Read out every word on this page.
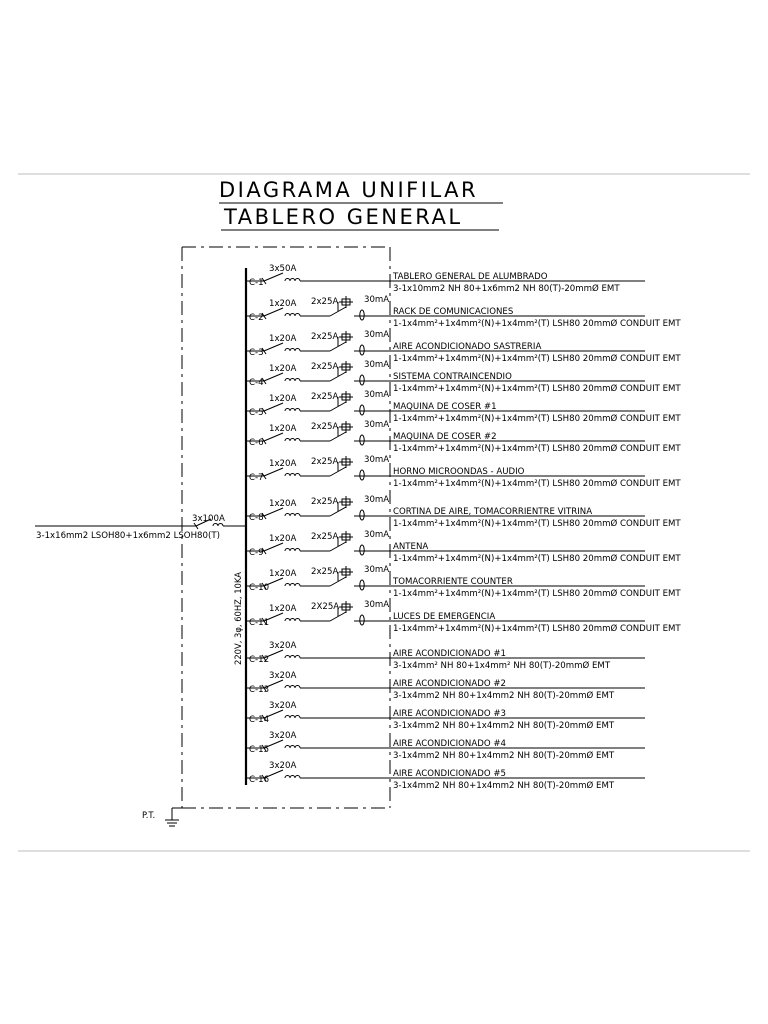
DIAGRAMA UNIFILAR
TABLERO GENERAL
220V, 3φ, 60HZ, 10KA
3-1x16mm2 LSOH80+1x6mm2 LSOH80(T)
3x100A
P.T.
C-1
3x50A
TABLERO GENERAL DE ALUMBRADO
3-1x10mm2 NH 80+1x6mm2 NH 80(T)-20mmØ EMT
C-2
1x20A 2x25A	30mA
RACK DE COMUNICACIONES
1-1x4mm²+1x4mm²(N)+1x4mm²(T) LSH80 20mmØ CONDUIT EMT
C-3
1x20A 2x25A	30mA
AIRE ACONDICIONADO SASTRERIA
1-1x4mm²+1x4mm²(N)+1x4mm²(T) LSH80 20mmØ CONDUIT EMT
C-4
1x20A 2x25A	30mA
SISTEMA CONTRAINCENDIO
1-1x4mm²+1x4mm²(N)+1x4mm²(T) LSH80 20mmØ CONDUIT EMT
C-5
1x20A 2x25A	30mA
MAQUINA DE COSER #1
1-1x4mm²+1x4mm²(N)+1x4mm²(T) LSH80 20mmØ CONDUIT EMT
C-6
1x20A 2x25A	30mA
MAQUINA DE COSER #2
1-1x4mm²+1x4mm²(N)+1x4mm²(T) LSH80 20mmØ CONDUIT EMT
C-7
1x20A 2x25A	30mA
HORNO MICROONDAS - AUDIO
1-1x4mm²+1x4mm²(N)+1x4mm²(T) LSH80 20mmØ CONDUIT EMT
C-8
1x20A 2x25A	30mA
CORTINA DE AIRE, TOMACORRIENTRE VITRINA
1-1x4mm²+1x4mm²(N)+1x4mm²(T) LSH80 20mmØ CONDUIT EMT
C-9
1x20A 2x25A	30mA
ANTENA
1-1x4mm²+1x4mm²(N)+1x4mm²(T) LSH80 20mmØ CONDUIT EMT
C-10
1x20A 2x25A	30mA
TOMACORRIENTE COUNTER
1-1x4mm²+1x4mm²(N)+1x4mm²(T) LSH80 20mmØ CONDUIT EMT
C-11
1x20A 2X25A	30mA
LUCES DE EMERGENCIA
1-1x4mm²+1x4mm²(N)+1x4mm²(T) LSH80 20mmØ CONDUIT EMT
C-12
3x20A
AIRE ACONDICIONADO #1
3-1x4mm² NH 80+1x4mm² NH 80(T)-20mmØ EMT
C-13
3x20A
AIRE ACONDICIONADO #2
3-1x4mm2 NH 80+1x4mm2 NH 80(T)-20mmØ EMT
C-14
3x20A
AIRE ACONDICIONADO #3
3-1x4mm2 NH 80+1x4mm2 NH 80(T)-20mmØ EMT
C-15
3x20A
AIRE ACONDICIONADO #4
3-1x4mm2 NH 80+1x4mm2 NH 80(T)-20mmØ EMT
C-16
3x20A
AIRE ACONDICIONADO #5
3-1x4mm2 NH 80+1x4mm2 NH 80(T)-20mmØ EMT
